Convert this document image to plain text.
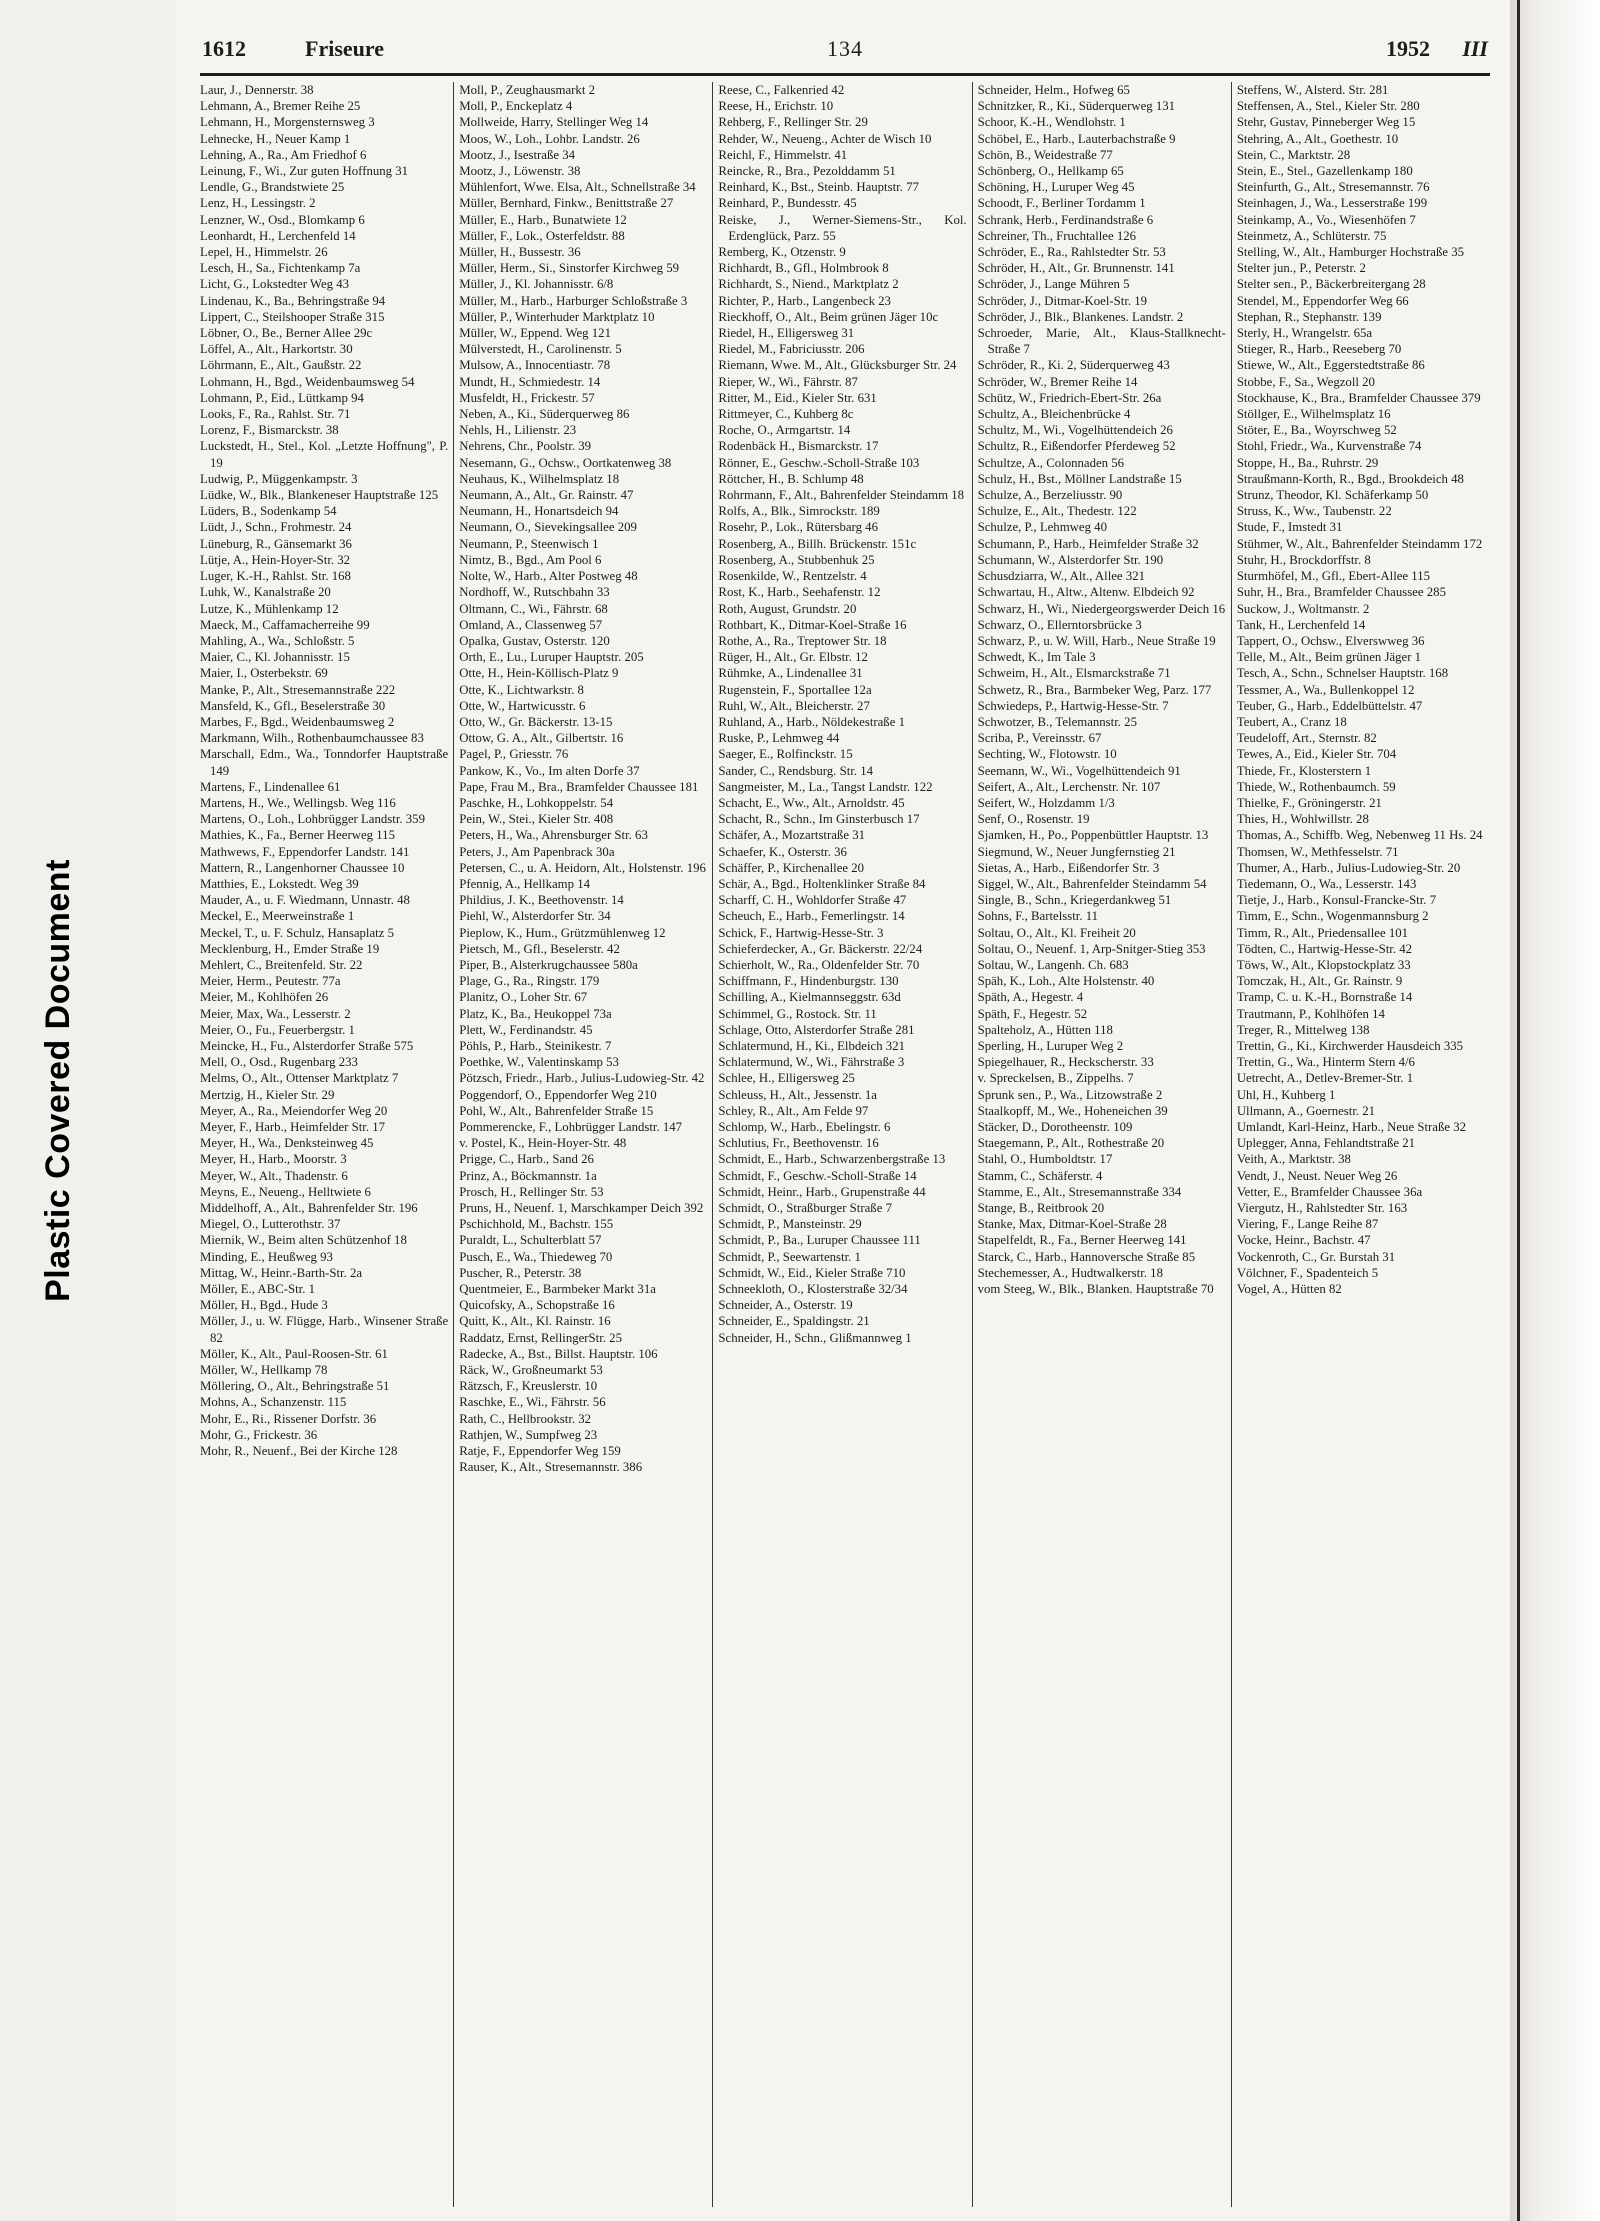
Plastic Covered Document
1612	Friseure	134	1952 III

Laur, J., Dennerstr. 38

Lehmann, A., Bremer Reihe 25

Lehmann, H., Morgensternsweg 3

Lehnecke, H., Neuer Kamp 1

Lehning, A., Ra., Am Friedhof 6

Leinung, F., Wi., Zur guten Hoffnung 31

Lendle, G., Brandstwiete 25

Lenz, H., Lessingstr. 2

Lenzner, W., Osd., Blomkamp 6

Leonhardt, H., Lerchenfeld 14

Lepel, H., Himmelstr. 26

Lesch, H., Sa., Fichtenkamp 7a

Licht, G., Lokstedter Weg 43

Lindenau, K., Ba., Behringstraße 94

Lippert, C., Steilshooper Straße 315

Löbner, O., Be., Berner Allee 29c

Löffel, A., Alt., Harkortstr. 30

Löhrmann, E., Alt., Gaußstr. 22

Lohmann, H., Bgd., Weidenbaumsweg 54

Lohmann, P., Eid., Lüttkamp 94

Looks, F., Ra., Rahlst. Str. 71

Lorenz, F., Bismarckstr. 38

Luckstedt, H., Stel., Kol. „Letzte Hoffnung", P. 19

Ludwig, P., Müggenkampstr. 3

Lüdke, W., Blk., Blankeneser Hauptstraße 125

Lüders, B., Sodenkamp 54

Lüdt, J., Schn., Frohmestr. 24

Lüneburg, R., Gänsemarkt 36

Lütje, A., Hein-Hoyer-Str. 32

Luger, K.-H., Rahlst. Str. 168

Luhk, W., Kanalstraße 20

Lutze, K., Mühlenkamp 12

Maeck, M., Caffamacherreihe 99

Mahling, A., Wa., Schloßstr. 5

Maier, C., Kl. Johannisstr. 15

Maier, I., Osterbekstr. 69

Manke, P., Alt., Stresemannstraße 222

Mansfeld, K., Gfl., Beselerstraße 30

Marbes, F., Bgd., Weidenbaumsweg 2

Markmann, Wilh., Rothenbaumchaussee 83

Marschall, Edm., Wa., Tonndorfer Hauptstraße 149

Martens, F., Lindenallee 61

Martens, H., We., Wellingsb. Weg 116

Martens, O., Loh., Lohbrügger Landstr. 359

Mathies, K., Fa., Berner Heerweg 115

Mathwews, F., Eppendorfer Landstr. 141

Mattern, R., Langenhorner Chaussee 10

Matthies, E., Lokstedt. Weg 39

Mauder, A., u. F. Wiedmann, Unnastr. 48

Meckel, E., Meerweinstraße 1

Meckel, T., u. F. Schulz, Hansaplatz 5

Mecklenburg, H., Emder Straße 19

Mehlert, C., Breitenfeld. Str. 22

Meier, Herm., Peutestr. 77a

Meier, M., Kohlhöfen 26

Meier, Max, Wa., Lesserstr. 2

Meier, O., Fu., Feuerbergstr. 1

Meincke, H., Fu., Alsterdorfer Straße 575

Mell, O., Osd., Rugenbarg 233

Melms, O., Alt., Ottenser Marktplatz 7

Mertzig, H., Kieler Str. 29

Meyer, A., Ra., Meiendorfer Weg 20

Meyer, F., Harb., Heimfelder Str. 17

Meyer, H., Wa., Denksteinweg 45

Meyer, H., Harb., Moorstr. 3

Meyer, W., Alt., Thadenstr. 6

Meyns, E., Neueng., Helltwiete 6

Middelhoff, A., Alt., Bahrenfelder Str. 196

Miegel, O., Lutterothstr. 37

Miernik, W., Beim alten Schützenhof 18

Minding, E., Heußweg 93

Mittag, W., Heinr.-Barth-Str. 2a

Möller, E., ABC-Str. 1

Möller, H., Bgd., Hude 3

Möller, J., u. W. Flügge, Harb., Winsener Straße 82

Möller, K., Alt., Paul-Roosen-Str. 61

Möller, W., Hellkamp 78

Möllering, O., Alt., Behringstraße 51

Mohns, A., Schanzenstr. 115

Mohr, E., Ri., Rissener Dorfstr. 36

Mohr, G., Frickestr. 36

Mohr, R., Neuenf., Bei der Kirche 128

Moll, P., Zeughausmarkt 2

Moll, P., Enckeplatz 4

Mollweide, Harry, Stellinger Weg 14

Moos, W., Loh., Lohbr. Landstr. 26

Mootz, J., Isestraße 34

Mootz, J., Löwenstr. 38

Mühlenfort, Wwe. Elsa, Alt., Schnellstraße 34

Müller, Bernhard, Finkw., Benittstraße 27

Müller, E., Harb., Bunatwiete 12

Müller, F., Lok., Osterfeldstr. 88

Müller, H., Bussestr. 36

Müller, Herm., Si., Sinstorfer Kirchweg 59

Müller, J., Kl. Johannisstr. 6/8

Müller, M., Harb., Harburger Schloßstraße 3

Müller, P., Winterhuder Marktplatz 10

Müller, W., Eppend. Weg 121

Mülverstedt, H., Carolinenstr. 5

Mulsow, A., Innocentiastr. 78

Mundt, H., Schmiedestr. 14

Musfeldt, H., Frickestr. 57

Neben, A., Ki., Süderquerweg 86

Nehls, H., Lilienstr. 23

Nehrens, Chr., Poolstr. 39

Nesemann, G., Ochsw., Oortkatenweg 38

Neuhaus, K., Wilhelmsplatz 18

Neumann, A., Alt., Gr. Rainstr. 47

Neumann, H., Honartsdeich 94

Neumann, O., Sievekingsallee 209

Neumann, P., Steenwisch 1

Nimtz, B., Bgd., Am Pool 6

Nolte, W., Harb., Alter Postweg 48

Nordhoff, W., Rutschbahn 33

Oltmann, C., Wi., Fährstr. 68

Omland, A., Classenweg 57

Opalka, Gustav, Osterstr. 120

Orth, E., Lu., Luruper Hauptstr. 205

Otte, H., Hein-Köllisch-Platz 9

Otte, K., Lichtwarkstr. 8

Otte, W., Hartwicusstr. 6

Otto, W., Gr. Bäckerstr. 13-15

Ottow, G. A., Alt., Gilbertstr. 16

Pagel, P., Griesstr. 76

Pankow, K., Vo., Im alten Dorfe 37

Pape, Frau M., Bra., Bramfelder Chaussee 181

Paschke, H., Lohkoppelstr. 54

Pein, W., Stei., Kieler Str. 408

Peters, H., Wa., Ahrensburger Str. 63

Peters, J., Am Papenbrack 30a

Petersen, C., u. A. Heidorn, Alt., Holstenstr. 196

Pfennig, A., Hellkamp 14

Phildius, J. K., Beethovenstr. 14

Piehl, W., Alsterdorfer Str. 34

Pieplow, K., Hum., Grützmühlenweg 12

Pietsch, M., Gfl., Beselerstr. 42

Piper, B., Alsterkrugchaussee 580a

Plage, G., Ra., Ringstr. 179

Planitz, O., Loher Str. 67

Platz, K., Ba., Heukoppel 73a

Plett, W., Ferdinandstr. 45

Pöhls, P., Harb., Steinikestr. 7

Poethke, W., Valentinskamp 53

Pötzsch, Friedr., Harb., Julius-Ludowieg-Str. 42

Poggendorf, O., Eppendorfer Weg 210

Pohl, W., Alt., Bahrenfelder Straße 15

Pommerencke, F., Lohbrügger Landstr. 147

v. Postel, K., Hein-Hoyer-Str. 48

Prigge, C., Harb., Sand 26

Prinz, A., Böckmannstr. 1a

Prosch, H., Rellinger Str. 53

Pruns, H., Neuenf. 1, Marschkamper Deich 392

Pschichhold, M., Bachstr. 155

Puraldt, L., Schulterblatt 57

Pusch, E., Wa., Thiedeweg 70

Puscher, R., Peterstr. 38

Quentmeier, E., Barmbeker Markt 31a

Quicofsky, A., Schopstraße 16

Quitt, K., Alt., Kl. Rainstr. 16

Raddatz, Ernst, RellingerStr. 25

Radecke, A., Bst., Billst. Hauptstr. 106

Räck, W., Großneumarkt 53

Rätzsch, F., Kreuslerstr. 10

Raschke, E., Wi., Fährstr. 56

Rath, C., Hellbrookstr. 32

Rathjen, W., Sumpfweg 23

Ratje, F., Eppendorfer Weg 159

Rauser, K., Alt., Stresemannstr. 386

Reese, C., Falkenried 42

Reese, H., Erichstr. 10

Rehberg, F., Rellinger Str. 29

Rehder, W., Neueng., Achter de Wisch 10

Reichl, F., Himmelstr. 41

Reincke, R., Bra., Pezolddamm 51

Reinhard, K., Bst., Steinb. Hauptstr. 77

Reinhard, P., Bundesstr. 45

Reiske, J., Werner-Siemens-Str., Kol. Erdenglück, Parz. 55

Remberg, K., Otzenstr. 9

Richhardt, B., Gfl., Holmbrook 8

Richhardt, S., Niend., Marktplatz 2

Richter, P., Harb., Langenbeck 23

Rieckhoff, O., Alt., Beim grünen Jäger 10c

Riedel, H., Elligersweg 31

Riedel, M., Fabriciusstr. 206

Riemann, Wwe. M., Alt., Glücksburger Str. 24

Rieper, W., Wi., Fährstr. 87

Ritter, M., Eid., Kieler Str. 631

Rittmeyer, C., Kuhberg 8c

Roche, O., Armgartstr. 14

Rodenbäck H., Bismarckstr. 17

Rönner, E., Geschw.-Scholl-Straße 103

Röttcher, H., B. Schlump 48

Rohrmann, F., Alt., Bahrenfelder Steindamm 18

Rolfs, A., Blk., Simrockstr. 189

Rosehr, P., Lok., Rütersbarg 46

Rosenberg, A., Billh. Brückenstr. 151c

Rosenberg, A., Stubbenhuk 25

Rosenkilde, W., Rentzelstr. 4

Rost, K., Harb., Seehafenstr. 12

Roth, August, Grundstr. 20

Rothbart, K., Ditmar-Koel-Straße 16

Rothe, A., Ra., Treptower Str. 18

Rüger, H., Alt., Gr. Elbstr. 12

Rühmke, A., Lindenallee 31

Rugenstein, F., Sportallee 12a

Ruhl, W., Alt., Bleicherstr. 27

Ruhland, A., Harb., Nöldekestraße 1

Ruske, P., Lehmweg 44

Saeger, E., Rolfinckstr. 15

Sander, C., Rendsburg. Str. 14

Sangmeister, M., La., Tangst Landstr. 122

Schacht, E., Ww., Alt., Arnoldstr. 45

Schacht, R., Schn., Im Ginsterbusch 17

Schäfer, A., Mozartstraße 31

Schaefer, K., Osterstr. 36

Schäffer, P., Kirchenallee 20

Schär, A., Bgd., Holtenklinker Straße 84

Scharff, C. H., Wohldorfer Straße 47

Scheuch, E., Harb., Femerlingstr. 14

Schick, F., Hartwig-Hesse-Str. 3

Schieferdecker, A., Gr. Bäckerstr. 22/24

Schierholt, W., Ra., Oldenfelder Str. 70

Schiffmann, F., Hindenburgstr. 130

Schilling, A., Kielmannseggstr. 63d

Schimmel, G., Rostock. Str. 11

Schlage, Otto, Alsterdorfer Straße 281

Schlatermund, H., Ki., Elbdeich 321

Schlatermund, W., Wi., Fährstraße 3

Schlee, H., Elligersweg 25

Schleuss, H., Alt., Jessenstr. 1a

Schley, R., Alt., Am Felde 97

Schlomp, W., Harb., Ebelingstr. 6

Schlutius, Fr., Beethovenstr. 16

Schmidt, E., Harb., Schwarzenbergstraße 13

Schmidt, F., Geschw.-Scholl-Straße 14

Schmidt, Heinr., Harb., Grupenstraße 44

Schmidt, O., Straßburger Straße 7

Schmidt, P., Mansteinstr. 29

Schmidt, P., Ba., Luruper Chaussee 111

Schmidt, P., Seewartenstr. 1

Schmidt, W., Eid., Kieler Straße 710

Schneekloth, O., Klosterstraße 32/34

Schneider, A., Osterstr. 19

Schneider, E., Spaldingstr. 21

Schneider, H., Schn., Glißmannweg 1

Schneider, Helm., Hofweg 65

Schnitzker, R., Ki., Süderquerweg 131

Schoor, K.-H., Wendlohstr. 1

Schöbel, E., Harb., Lauterbachstraße 9

Schön, B., Weidestraße 77

Schönberg, O., Hellkamp 65

Schöning, H., Luruper Weg 45

Schoodt, F., Berliner Tordamm 1

Schrank, Herb., Ferdinandstraße 6

Schreiner, Th., Fruchtallee 126

Schröder, E., Ra., Rahlstedter Str. 53

Schröder, H., Alt., Gr. Brunnenstr. 141

Schröder, J., Lange Mühren 5

Schröder, J., Ditmar-Koel-Str. 19

Schröder, J., Blk., Blankenes. Landstr. 2

Schroeder, Marie, Alt., Klaus-Stallknecht-Straße 7

Schröder, R., Ki. 2, Süderquerweg 43

Schröder, W., Bremer Reihe 14

Schütz, W., Friedrich-Ebert-Str. 26a

Schultz, A., Bleichenbrücke 4

Schultz, M., Wi., Vogelhüttendeich 26

Schultz, R., Eißendorfer Pferdeweg 52

Schultze, A., Colonnaden 56

Schulz, H., Bst., Möllner Landstraße 15

Schulze, A., Berzeliusstr. 90

Schulze, E., Alt., Thedestr. 122

Schulze, P., Lehmweg 40

Schumann, P., Harb., Heimfelder Straße 32

Schumann, W., Alsterdorfer Str. 190

Schusdziarra, W., Alt., Allee 321

Schwartau, H., Altw., Altenw. Elbdeich 92

Schwarz, H., Wi., Niedergeorgswerder Deich 16

Schwarz, O., Ellerntorsbrücke 3

Schwarz, P., u. W. Will, Harb., Neue Straße 19

Schwedt, K., Im Tale 3

Schweim, H., Alt., Elsmarckstraße 71

Schwetz, R., Bra., Barmbeker Weg, Parz. 177

Schwiedeps, P., Hartwig-Hesse-Str. 7

Schwotzer, B., Telemannstr. 25

Scriba, P., Vereinsstr. 67

Sechting, W., Flotowstr. 10

Seemann, W., Wi., Vogelhüttendeich 91

Seifert, A., Alt., Lerchenstr. Nr. 107

Seifert, W., Holzdamm 1/3

Senf, O., Rosenstr. 19

Sjamken, H., Po., Poppenbüttler Hauptstr. 13

Siegmund, W., Neuer Jungfernstieg 21

Sietas, A., Harb., Eißendorfer Str. 3

Siggel, W., Alt., Bahrenfelder Steindamm 54

Single, B., Schn., Kriegerdankweg 51

Sohns, F., Bartelsstr. 11

Soltau, O., Alt., Kl. Freiheit 20

Soltau, O., Neuenf. 1, Arp-Snitger-Stieg 353

Soltau, W., Langenh. Ch. 683

Späh, K., Loh., Alte Holstenstr. 40

Späth, A., Hegestr. 4

Späth, F., Hegestr. 52

Spalteholz, A., Hütten 118

Sperling, H., Luruper Weg 2

Spiegelhauer, R., Heckscherstr. 33

v. Spreckelsen, B., Zippelhs. 7

Sprunk sen., P., Wa., Litzowstraße 2

Staalkopff, M., We., Hoheneichen 39

Stäcker, D., Dorotheenstr. 109

Staegemann, P., Alt., Rothestraße 20

Stahl, O., Humboldtstr. 17

Stamm, C., Schäferstr. 4

Stamme, E., Alt., Stresemannstraße 334

Stange, B., Reitbrook 20

Stanke, Max, Ditmar-Koel-Straße 28

Stapelfeldt, R., Fa., Berner Heerweg 141

Starck, C., Harb., Hannoversche Straße 85

Stechemesser, A., Hudtwalkerstr. 18

vom Steeg, W., Blk., Blanken. Hauptstraße 70

Steffens, W., Alsterd. Str. 281

Steffensen, A., Stel., Kieler Str. 280

Stehr, Gustav, Pinneberger Weg 15

Stehring, A., Alt., Goethestr. 10

Stein, C., Marktstr. 28

Stein, E., Stel., Gazellenkamp 180

Steinfurth, G., Alt., Stresemannstr. 76

Steinhagen, J., Wa., Lesserstraße 199

Steinkamp, A., Vo., Wiesenhöfen 7

Steinmetz, A., Schlüterstr. 75

Stelling, W., Alt., Hamburger Hochstraße 35

Stelter jun., P., Peterstr. 2

Stelter sen., P., Bäckerbreitergang 28

Stendel, M., Eppendorfer Weg 66

Stephan, R., Stephanstr. 139

Sterly, H., Wrangelstr. 65a

Stieger, R., Harb., Reeseberg 70

Stiewe, W., Alt., Eggerstedtstraße 86

Stobbe, F., Sa., Wegzoll 20

Stockhause, K., Bra., Bramfelder Chaussee 379

Stöllger, E., Wilhelmsplatz 16

Stöter, E., Ba., Woyrschweg 52

Stohl, Friedr., Wa., Kurvenstraße 74

Stoppe, H., Ba., Ruhrstr. 29

Straußmann-Korth, R., Bgd., Brookdeich 48

Strunz, Theodor, Kl. Schäferkamp 50

Struss, K., Ww., Taubenstr. 22

Stude, F., Imstedt 31

Stühmer, W., Alt., Bahrenfelder Steindamm 172

Stuhr, H., Brockdorffstr. 8

Sturmhöfel, M., Gfl., Ebert-Allee 115

Suhr, H., Bra., Bramfelder Chaussee 285

Suckow, J., Woltmanstr. 2

Tank, H., Lerchenfeld 14

Tappert, O., Ochsw., Elverswweg 36

Telle, M., Alt., Beim grünen Jäger 1

Tesch, A., Schn., Schnelser Hauptstr. 168

Tessmer, A., Wa., Bullenkoppel 12

Teuber, G., Harb., Eddelbüttelstr. 47

Teubert, A., Cranz 18

Teudeloff, Art., Sternstr. 82

Tewes, A., Eid., Kieler Str. 704

Thiede, Fr., Klosterstern 1

Thiede, W., Rothenbaumch. 59

Thielke, F., Gröningerstr. 21

Thies, H., Wohlwillstr. 28

Thomas, A., Schiffb. Weg, Nebenweg 11 Hs. 24

Thomsen, W., Methfesselstr. 71

Thumer, A., Harb., Julius-Ludowieg-Str. 20

Tiedemann, O., Wa., Lesserstr. 143

Tietje, J., Harb., Konsul-Francke-Str. 7

Timm, E., Schn., Wogenmannsburg 2

Timm, R., Alt., Priedensallee 101

Tödten, C., Hartwig-Hesse-Str. 42

Töws, W., Alt., Klopstockplatz 33

Tomczak, H., Alt., Gr. Rainstr. 9

Tramp, C. u. K.-H., Bornstraße 14

Trautmann, P., Kohlhöfen 14

Treger, R., Mittelweg 138

Trettin, G., Ki., Kirchwerder Hausdeich 335

Trettin, G., Wa., Hinterm Stern 4/6

Uetrecht, A., Detlev-Bremer-Str. 1

Uhl, H., Kuhberg 1

Ullmann, A., Goernestr. 21

Umlandt, Karl-Heinz, Harb., Neue Straße 32

Uplegger, Anna, Fehlandtstraße 21

Veith, A., Marktstr. 38

Vendt, J., Neust. Neuer Weg 26

Vetter, E., Bramfelder Chaussee 36a

Viergutz, H., Rahlstedter Str. 163

Viering, F., Lange Reihe 87

Vocke, Heinr., Bachstr. 47

Vockenroth, C., Gr. Burstah 31

Völchner, F., Spadenteich 5

Vogel, A., Hütten 82
